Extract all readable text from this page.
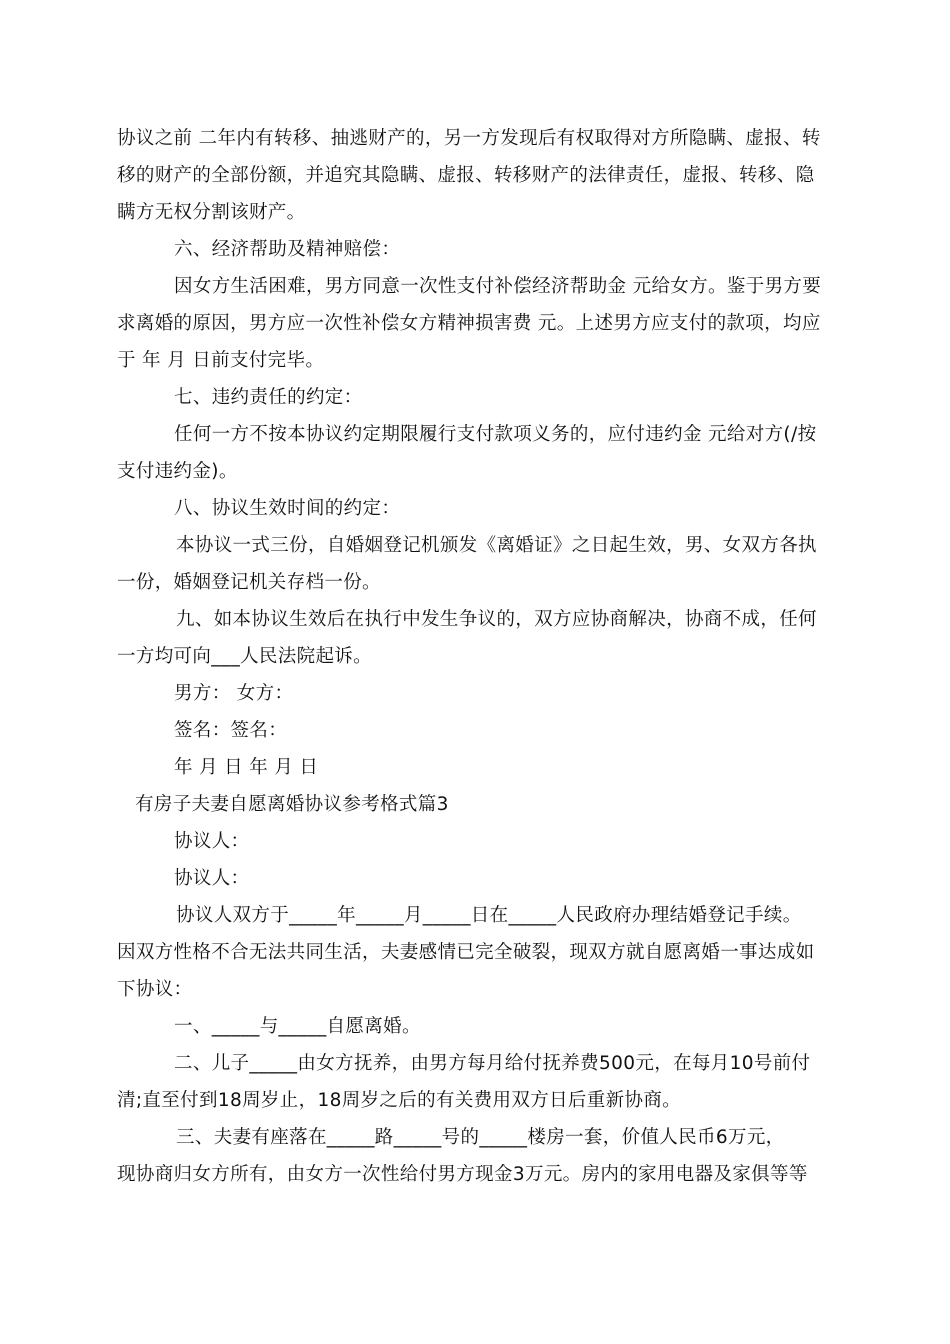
协议之前 二年内有转移、抽逃财产的，另一方发现后有权取得对方所隐瞒、虚报、转
移的财产的全部份额，并追究其隐瞒、虚报、转移财产的法律责任，虚报、转移、隐
瞒方无权分割该财产。
六、经济帮助及精神赔偿：
因女方生活困难，男方同意一次性支付补偿经济帮助金 元给女方。鉴于男方要
求离婚的原因，男方应一次性补偿女方精神损害费 元。上述男方应支付的款项，均应
于 年 月 日前支付完毕。
七、违约责任的约定：
任何一方不按本协议约定期限履行支付款项义务的，应付违约金 元给对方(/按
支付违约金)。
八、协议生效时间的约定：
本协议一式三份，自婚姻登记机颁发《离婚证》之日起生效，男、女双方各执
一份，婚姻登记机关存档一份。
九、如本协议生效后在执行中发生争议的，双方应协商解决，协商不成，任何
一方均可向___人民法院起诉。
男方： 女方：
签名：签名：
年 月 日 年 月 日
有房子夫妻自愿离婚协议参考格式篇3
协议人：
协议人：
协议人双方于_____年_____月_____日在_____人民政府办理结婚登记手续。
因双方性格不合无法共同生活，夫妻感情已完全破裂，现双方就自愿离婚一事达成如
下协议：
一、_____与_____自愿离婚。
二、儿子_____由女方抚养，由男方每月给付抚养费500元，在每月10号前付
清;直至付到18周岁止，18周岁之后的有关费用双方日后重新协商。
三、夫妻有座落在_____路_____号的_____楼房一套，价值人民币6万元，
现协商归女方所有，由女方一次性给付男方现金3万元。房内的家用电器及家俱等等
